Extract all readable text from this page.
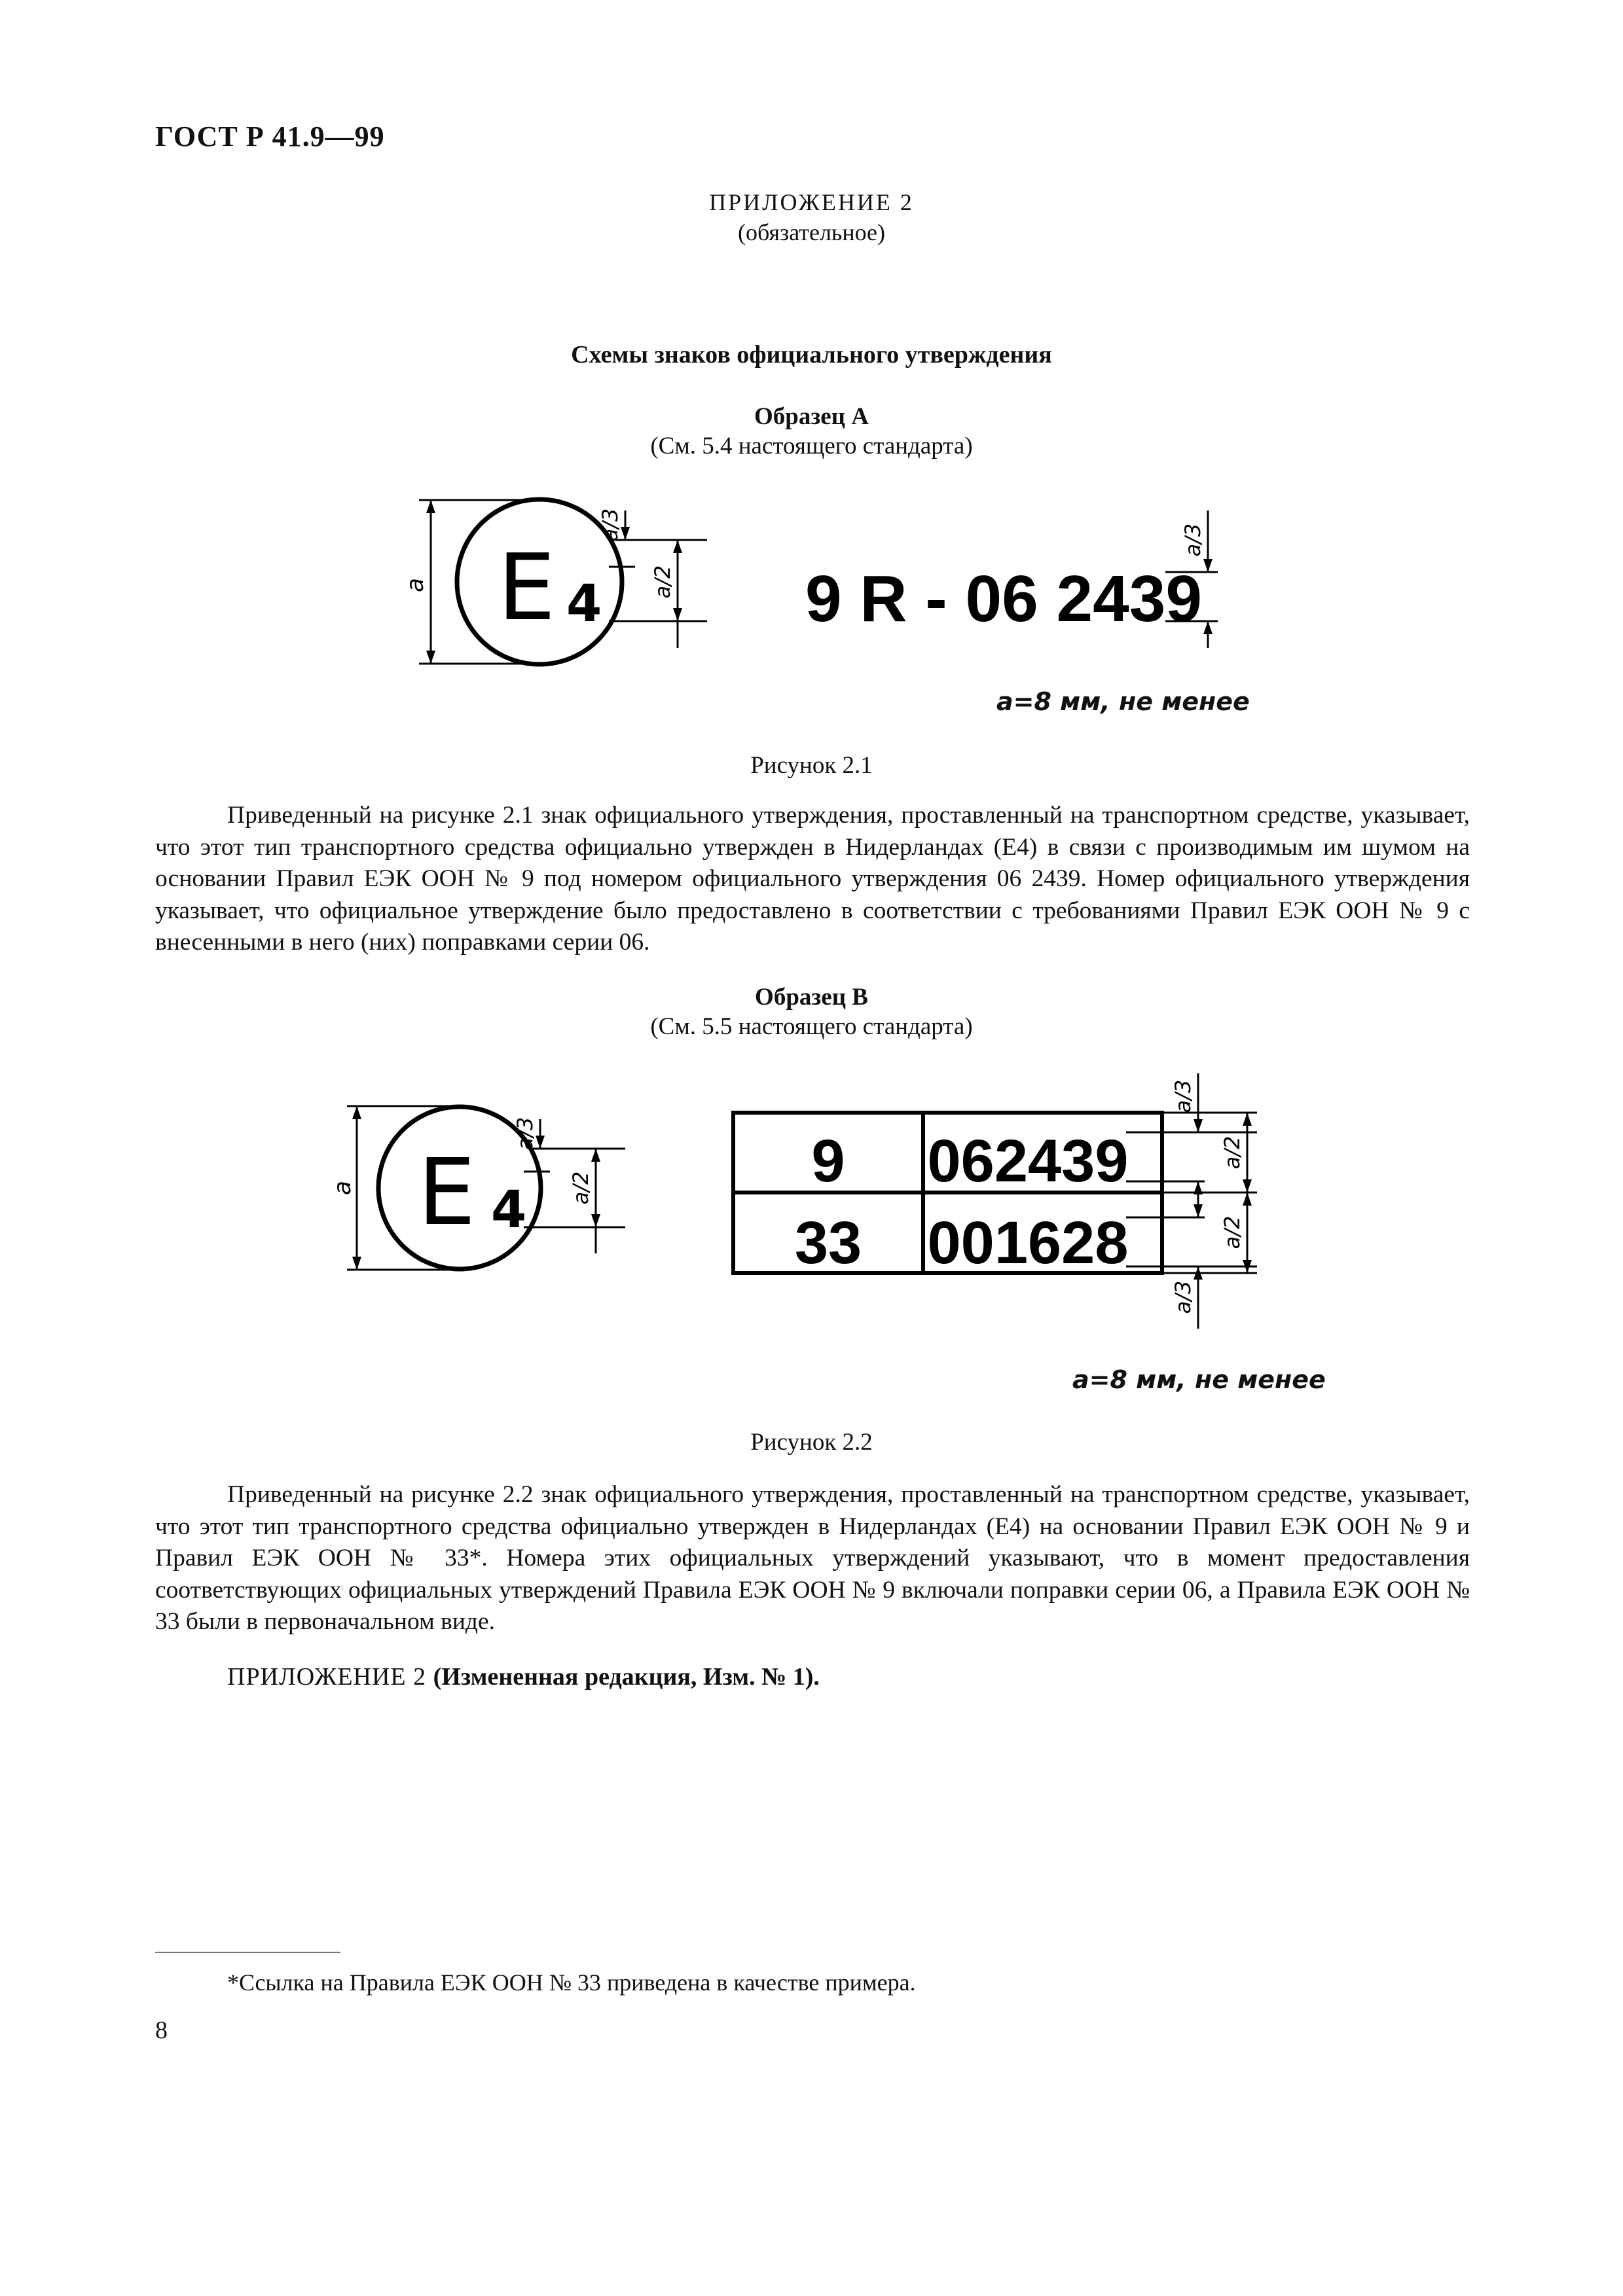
ГОСТ Р 41.9—99
ПРИЛОЖЕНИЕ 2
(обязательное)
Схемы знаков официального утверждения
Образец А
(См. 5.4 настоящего стандарта)
a
a/3
a/2
a/3
E 4	9 R - 06 2439
a=8 мм, не менее
Рисунок 2.1
Приведенный на рисунке 2.1 знак официального утверждения, проставленный на транспортном средстве, указывает, что этот тип транспортного средства официально утвержден в Нидерландах (E4) в связи с производимым им шумом на основании Правил ЕЭК ООН № 9 под номером официального утверждения 06 2439. Номер официального утверждения указывает, что официальное утверждение было предоставлено в соответствии с требованиями Правил ЕЭК ООН № 9 с внесенными в него (них) поправками серии 06.
Образец В
(См. 5.5 настоящего стандарта)
a
a/3
a/2
a/3
a/2
a/2
a/3
E 4
9 062439
33 001628
a=8 мм, не менее
Рисунок 2.2
Приведенный на рисунке 2.2 знак официального утверждения, проставленный на транспортном средстве, указывает, что этот тип транспортного средства официально утвержден в Нидерландах (E4) на основании Правил ЕЭК ООН № 9 и Правил ЕЭК ООН № 33*. Номера этих официальных утверждений указывают, что в момент предоставления соответствующих официальных утверждений Правила ЕЭК ООН № 9 включали поправки серии 06, а Правила ЕЭК ООН № 33 были в первоначальном виде.
ПРИЛОЖЕНИЕ 2 (Измененная редакция, Изм. № 1).
*Ссылка на Правила ЕЭК ООН № 33 приведена в качестве примера.
8
